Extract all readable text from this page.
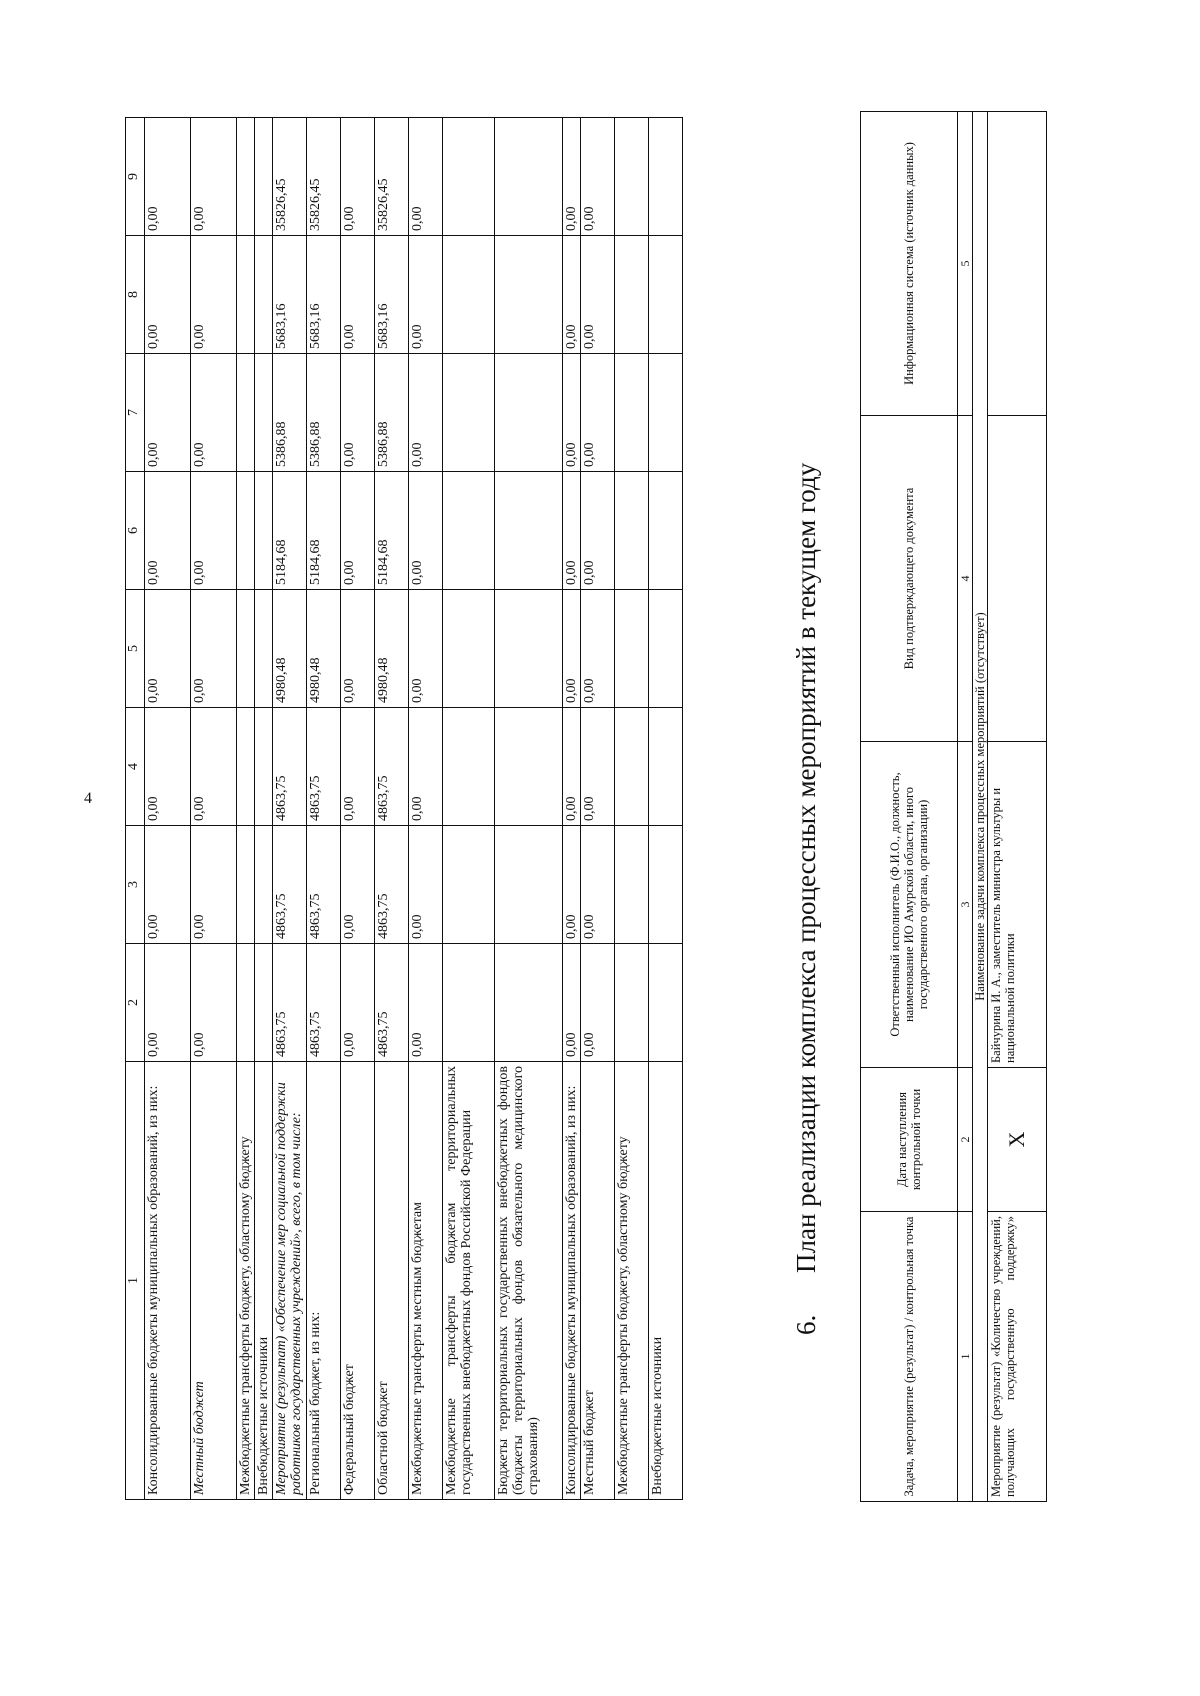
4
1	2	3	4	5	6	7	8	9
Консолидированные бюджеты муниципальных образований, из них:	0,00	0,00	0,00	0,00	0,00	0,00	0,00	0,00
Местный бюджет	0,00	0,00	0,00	0,00	0,00	0,00	0,00	0,00
Межбюджетные трансферты бюджету, областному бюджету								
Внебюджетные источники								
Мероприятие (результат) «Обеспечение мер социальной поддержки работников государственных учреждений», всего, в том числе:	4863,75	4863,75	4863,75	4980,48	5184,68	5386,88	5683,16	35826,45
Региональный бюджет, из них:	4863,75	4863,75	4863,75	4980,48	5184,68	5386,88	5683,16	35826,45
Федеральный бюджет	0,00	0,00	0,00	0,00	0,00	0,00	0,00	0,00
Областной бюджет	4863,75	4863,75	4863,75	4980,48	5184,68	5386,88	5683,16	35826,45
Межбюджетные трансферты местным бюджетам	0,00	0,00	0,00	0,00	0,00	0,00	0,00	0,00
Межбюджетные трансферты бюджетам территориальных государственных внебюджетных фондов Российской Федерации								
Бюджеты территориальных государственных внебюджетных фондов (бюджеты территориальных фондов обязательного медицинского страхования)								
Консолидированные бюджеты муниципальных образований, из них:	0,00	0,00	0,00	0,00	0,00	0,00	0,00	0,00
Местный бюджет	0,00	0,00	0,00	0,00	0,00	0,00	0,00	0,00
Межбюджетные трансферты бюджету, областному бюджету								
Внебюджетные источники								
6.План реализации комплекса процессных мероприятий в текущем году
Задача, мероприятие (результат) / контрольная точка	Дата наступления контрольной точки	Ответственный исполнитель (Ф.И.О., должность, наименование ИО Амурской области, иного государственного органа, организации)	Вид подтверждающего документа	Информационная система (источник данных)
1	2	3	4	5
Наименование задачи комплекса процессных мероприятий (отсутствует)				
Мероприятие (результат) «Количество учреждений, получающих государственную поддержку»	X	Байчурина И. А., заместитель министра культуры и национальной политики		
